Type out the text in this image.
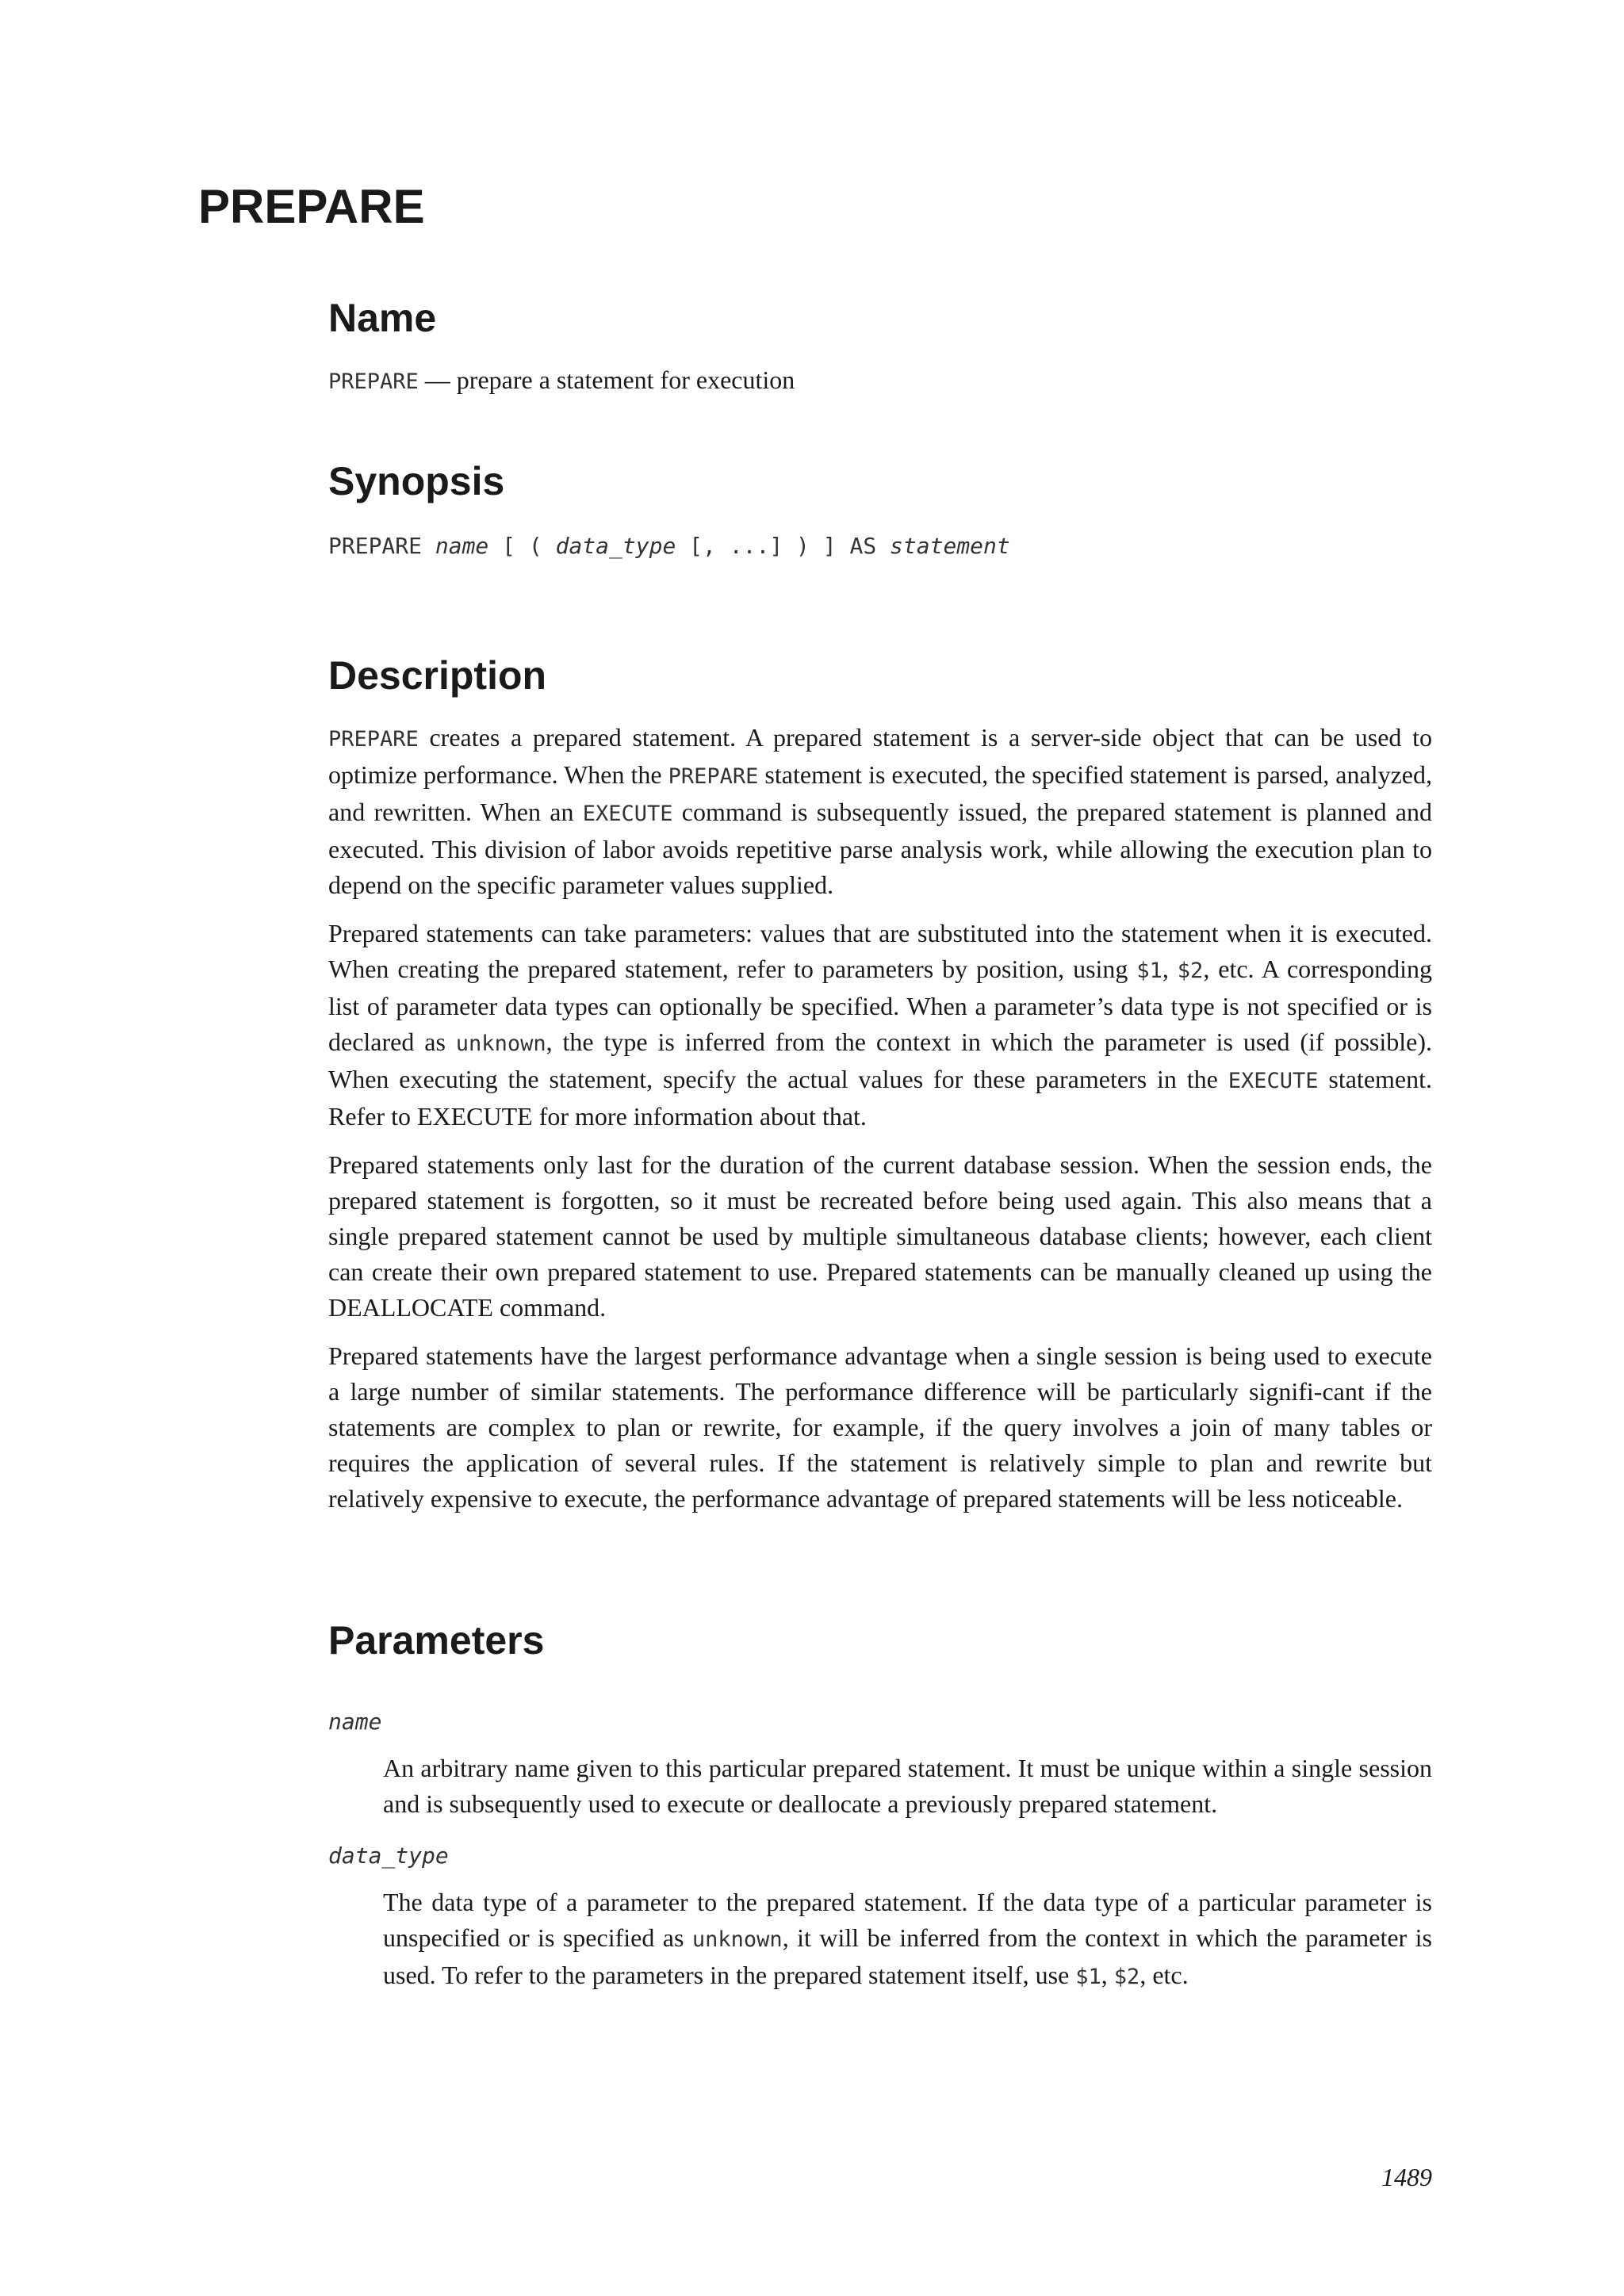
PREPARE
Name
PREPARE — prepare a statement for execution
Synopsis
PREPARE name [ ( data_type [, ...] ) ] AS statement
Description

PREPARE creates a prepared statement. A prepared statement is a server-side object that can be used to optimize performance. When the PREPARE statement is executed, the specified statement is parsed, analyzed, and rewritten. When an EXECUTE command is subsequently issued, the prepared statement is planned and executed. This division of labor avoids repetitive parse analysis work, while allowing the execution plan to depend on the specific parameter values supplied.

Prepared statements can take parameters: values that are substituted into the statement when it is executed. When creating the prepared statement, refer to parameters by position, using $1, $2, etc. A corresponding list of parameter data types can optionally be specified. When a parameter’s data type is not specified or is declared as unknown, the type is inferred from the context in which the parameter is used (if possible). When executing the statement, specify the actual values for these parameters in the EXECUTE statement. Refer to EXECUTE for more information about that.

Prepared statements only last for the duration of the current database session. When the session ends, the prepared statement is forgotten, so it must be recreated before being used again. This also means that a single prepared statement cannot be used by multiple simultaneous database clients; however, each client can create their own prepared statement to use. Prepared statements can be manually cleaned up using the DEALLOCATE command.

Prepared statements have the largest performance advantage when a single session is being used to execute a large number of similar statements. The performance difference will be particularly signifi-cant if the statements are complex to plan or rewrite, for example, if the query involves a join of many tables or requires the application of several rules. If the statement is relatively simple to plan and rewrite but relatively expensive to execute, the performance advantage of prepared statements will be less noticeable.

Parameters
name

An arbitrary name given to this particular prepared statement. It must be unique within a single session and is subsequently used to execute or deallocate a previously prepared statement.

data_type

The data type of a parameter to the prepared statement. If the data type of a particular parameter is unspecified or is specified as unknown, it will be inferred from the context in which the parameter is used. To refer to the parameters in the prepared statement itself, use $1, $2, etc.

1489
